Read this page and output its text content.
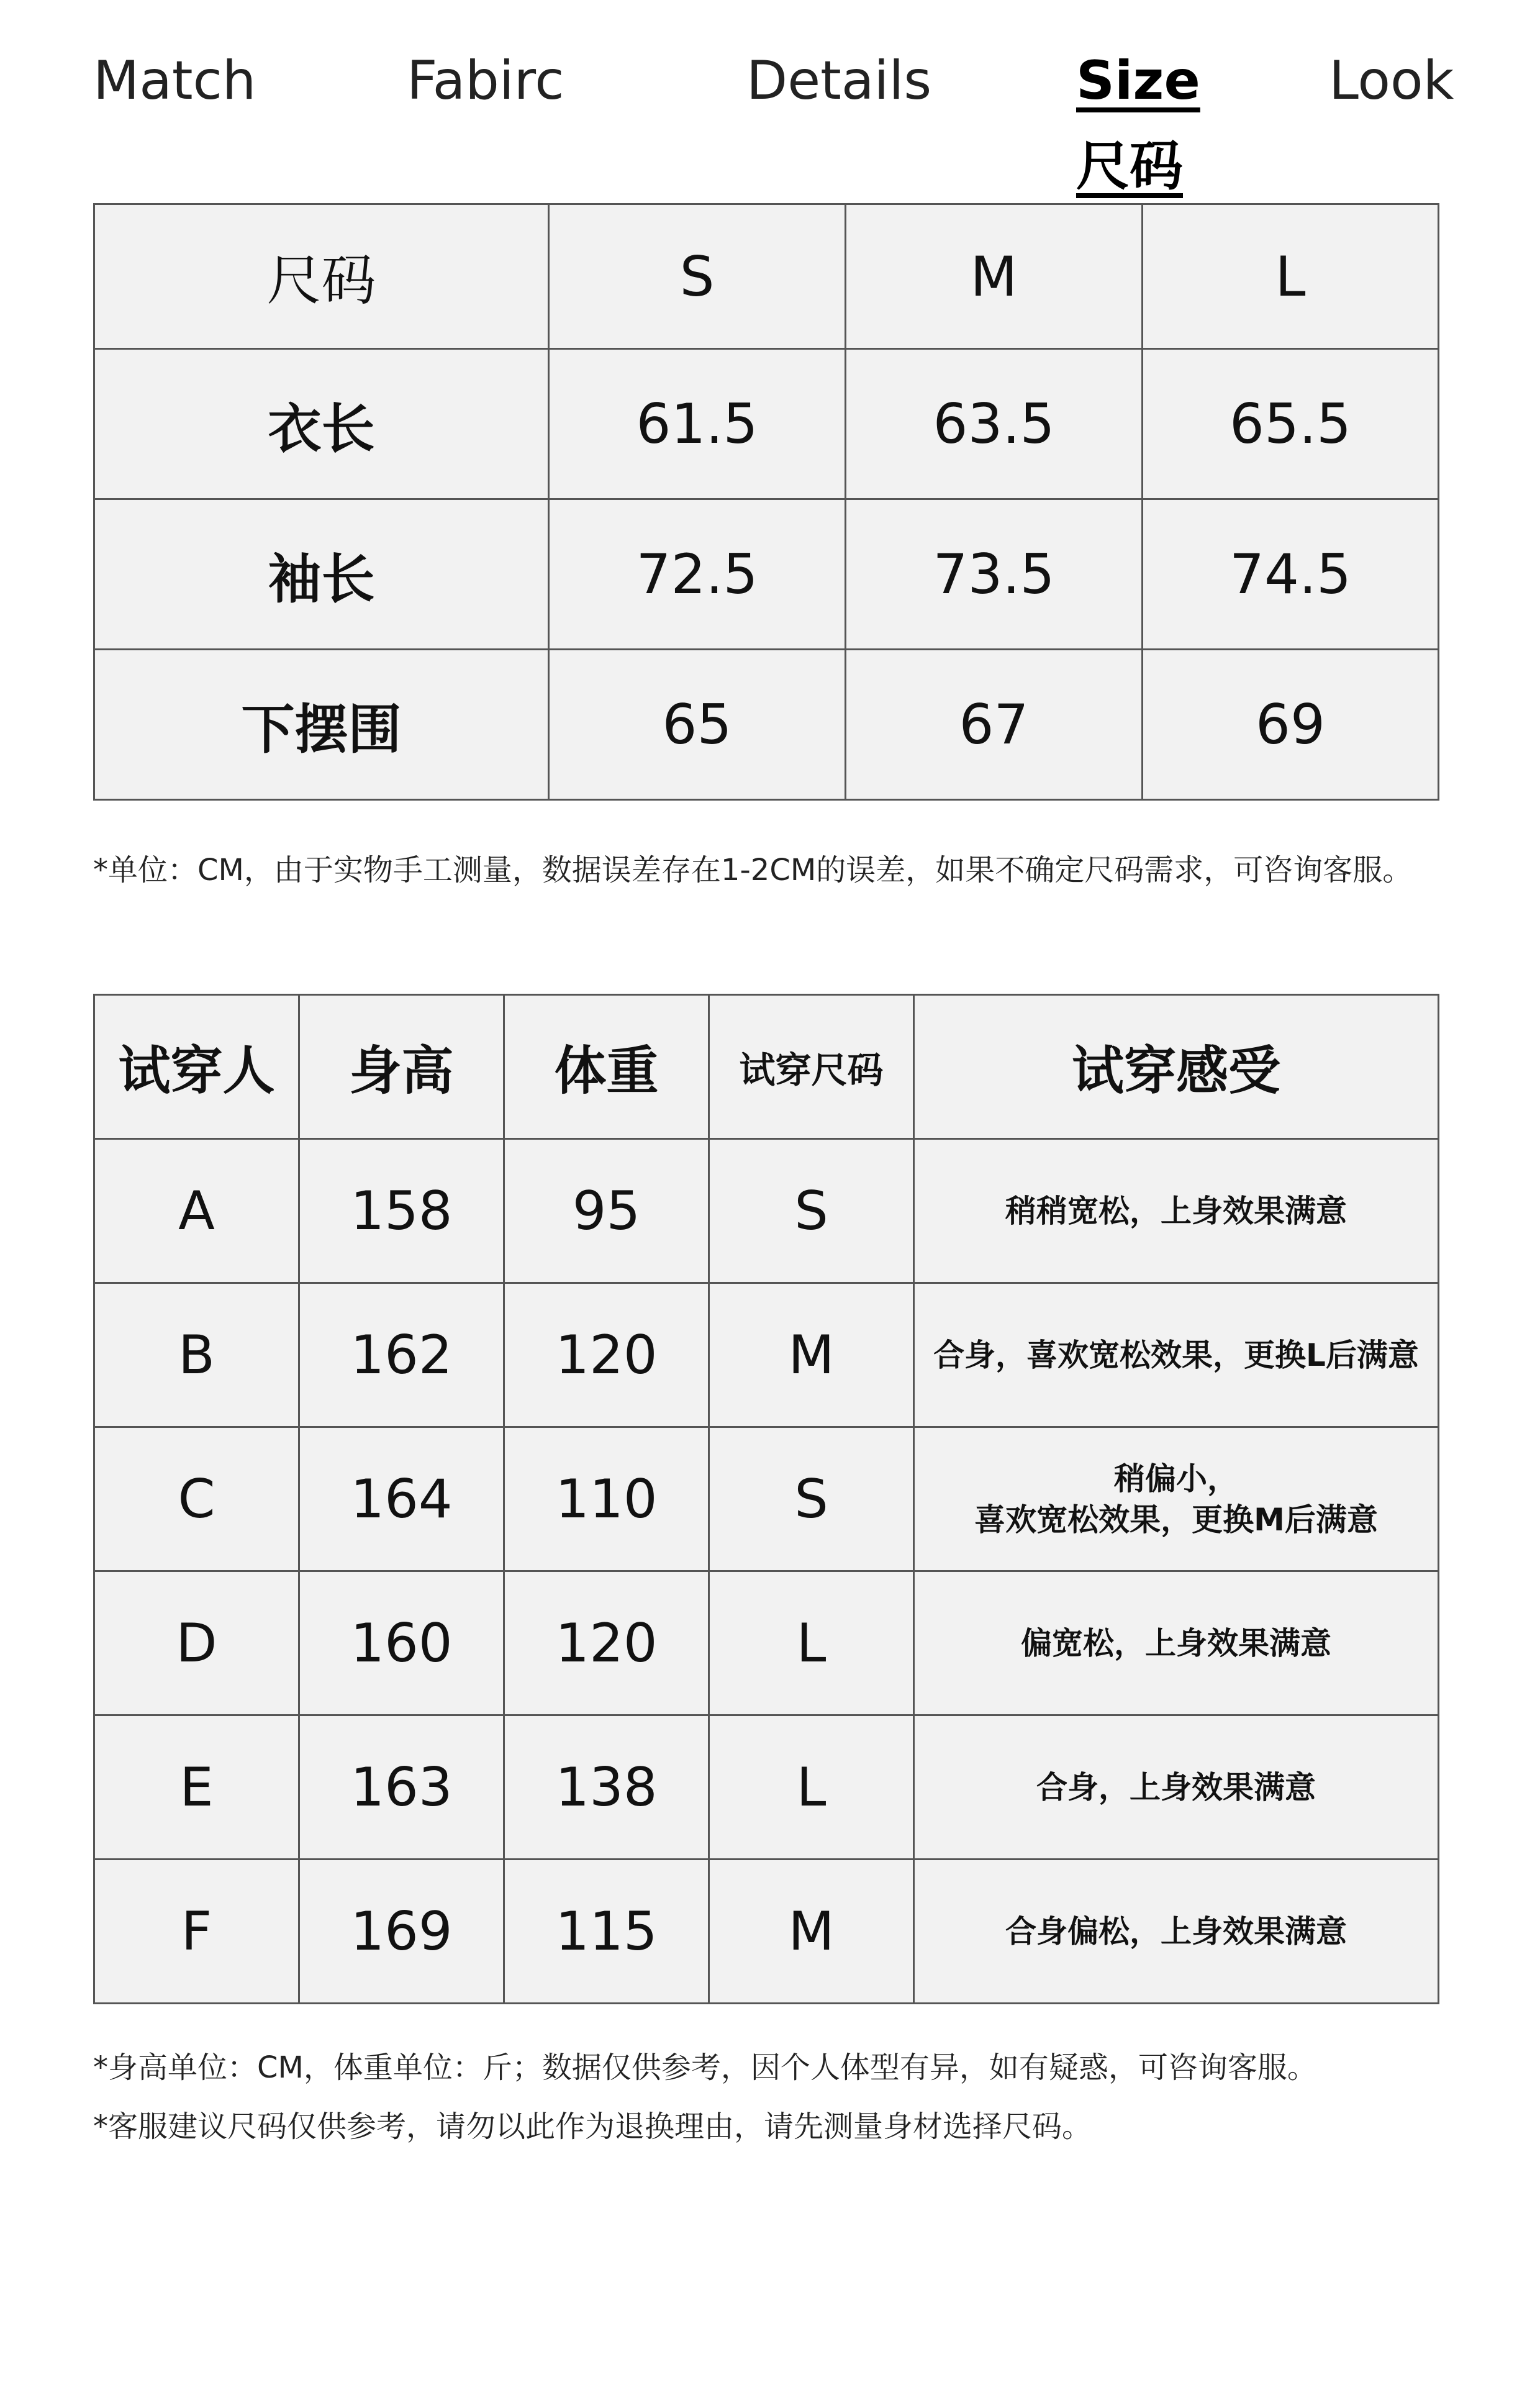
Match	Fabirc	Details	Size
尺码
Look
尺码	S	M	L
衣长	61.5	63.5	65.5
袖长	72.5	73.5	74.5
下摆围	65	67	69
*单位：CM，由于实物手工测量，数据误差存在1-2CM的误差，如果不确定尺码需求，可咨询客服。
试穿人	身高	体重	试穿尺码	试穿感受
A	158	95	S	稍稍宽松，上身效果满意
B	162	120	M	合身，喜欢宽松效果，更换L后满意
C	164	110	S	稍偏小，
喜欢宽松效果，更换M后满意

D	160	120	L	偏宽松，上身效果满意
E	163	138	L	合身，上身效果满意
F	169	115	M	合身偏松，上身效果满意
*身高单位：CM，体重单位：斤；数据仅供参考，因个人体型有异，如有疑惑，可咨询客服。
*客服建议尺码仅供参考，请勿以此作为退换理由，请先测量身材选择尺码。
